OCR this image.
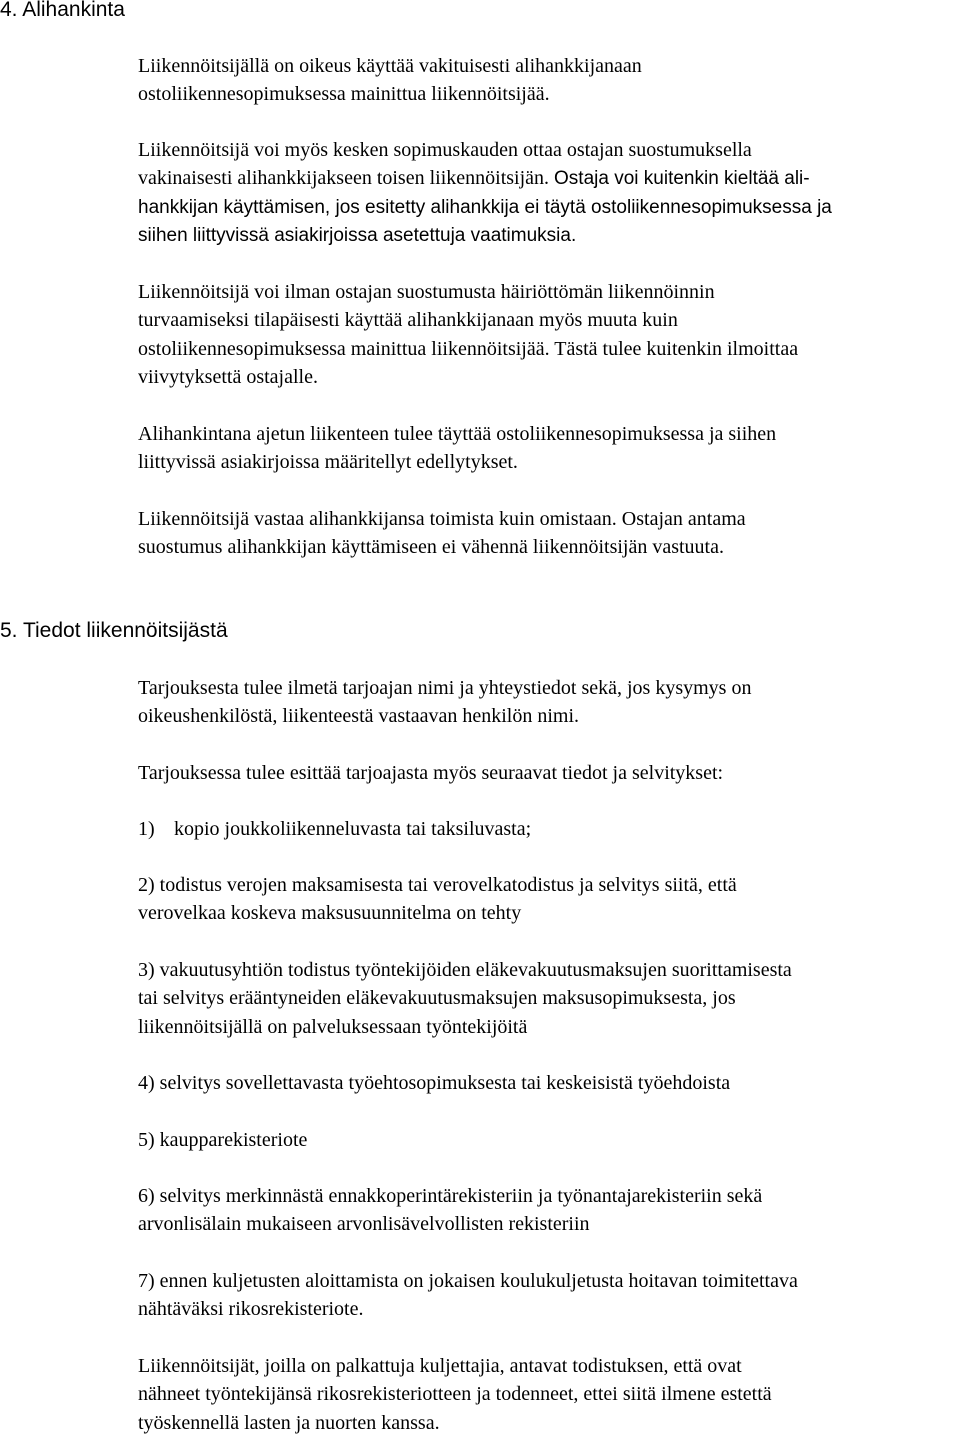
4. Alihankinta
Liikennöitsijällä on oikeus käyttää vakituisesti alihankkijanaan
ostoliikennesopimuksessa mainittua liikennöitsijää.
Liikennöitsijä voi myös kesken sopimuskauden ottaa ostajan suostumuksella
vakinaisesti alihankkijakseen toisen liikennöitsijän. Ostaja voi kuitenkin kieltää ali-
hankkijan käyttämisen, jos esitetty alihankkija ei täytä ostoliikennesopimuksessa ja
siihen liittyvissä asiakirjoissa asetettuja vaatimuksia.
Liikennöitsijä voi ilman ostajan suostumusta häiriöttömän liikennöinnin
turvaamiseksi tilapäisesti käyttää alihankkijanaan myös muuta kuin
ostoliikennesopimuksessa mainittua liikennöitsijää. Tästä tulee kuitenkin ilmoittaa
viivytyksettä ostajalle.
Alihankintana ajetun liikenteen tulee täyttää ostoliikennesopimuksessa ja siihen
liittyvissä asiakirjoissa määritellyt edellytykset.
Liikennöitsijä vastaa alihankkijansa toimista kuin omistaan. Ostajan antama
suostumus alihankkijan käyttämiseen ei vähennä liikennöitsijän vastuuta.
5. Tiedot liikennöitsijästä
Tarjouksesta tulee ilmetä tarjoajan nimi ja yhteystiedot sekä, jos kysymys on
oikeushenkilöstä, liikenteestä vastaavan henkilön nimi.
Tarjouksessa tulee esittää tarjoajasta myös seuraavat tiedot ja selvitykset:
1) kopio joukkoliikenneluvasta tai taksiluvasta;
2) todistus verojen maksamisesta tai verovelkatodistus ja selvitys siitä, että
verovelkaa koskeva maksusuunnitelma on tehty
3) vakuutusyhtiön todistus työntekijöiden eläkevakuutusmaksujen suorittamisesta
tai selvitys erääntyneiden eläkevakuutusmaksujen maksusopimuksesta, jos
liikennöitsijällä on palveluksessaan työntekijöitä
4) selvitys sovellettavasta työehtosopimuksesta tai keskeisistä työehdoista
5) kaupparekisteriote
6) selvitys merkinnästä ennakkoperintärekisteriin ja työnantajarekisteriin sekä
arvonlisälain mukaiseen arvonlisävelvollisten rekisteriin
7) ennen kuljetusten aloittamista on jokaisen koulukuljetusta hoitavan toimitettava
nähtäväksi rikosrekisteriote.
Liikennöitsijät, joilla on palkattuja kuljettajia, antavat todistuksen, että ovat
nähneet työntekijänsä rikosrekisteriotteen ja todenneet, ettei siitä ilmene estettä
työskennellä lasten ja nuorten kanssa.
